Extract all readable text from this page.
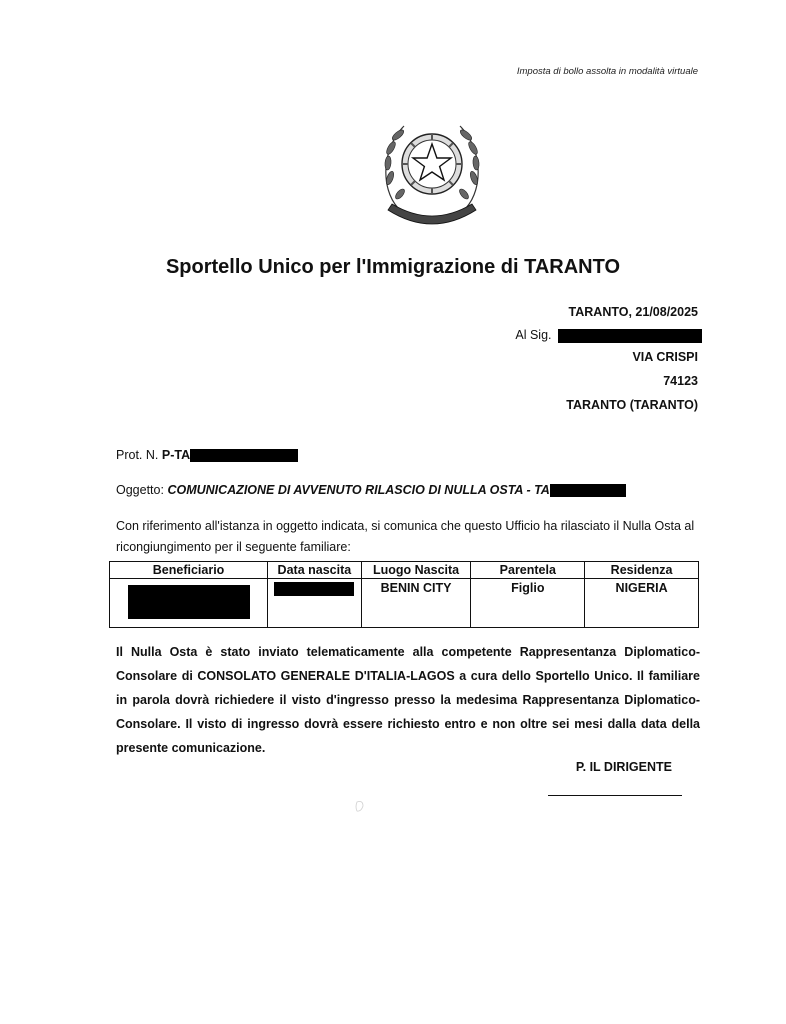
Imposta di bollo assolta in modalità virtuale
Sportello Unico per l'Immigrazione di TARANTO
TARANTO, 21/08/2025
Al Sig.
VIA CRISPI
74123
TARANTO (TARANTO)
Prot. N. P-TA
Oggetto: COMUNICAZIONE DI AVVENUTO RILASCIO DI NULLA OSTA - TA
Con riferimento all'istanza in oggetto indicata, si comunica che questo Ufficio ha rilasciato il Nulla Osta al ricongiungimento per il seguente familiare:
Beneficiario	Data nascita	Luogo Nascita	Parentela	Residenza
		BENIN CITY	Figlio	NIGERIA
Il Nulla Osta è stato inviato telematicamente alla competente Rappresentanza Diplomatico-Consolare di CONSOLATO GENERALE D'ITALIA-LAGOS a cura dello Sportello Unico. Il familiare in parola dovrà richiedere il visto d'ingresso presso la medesima Rappresentanza Diplomatico-Consolare. Il visto di ingresso dovrà essere richiesto entro e non oltre sei mesi dalla data della presente comunicazione.
P. IL DIRIGENTE
